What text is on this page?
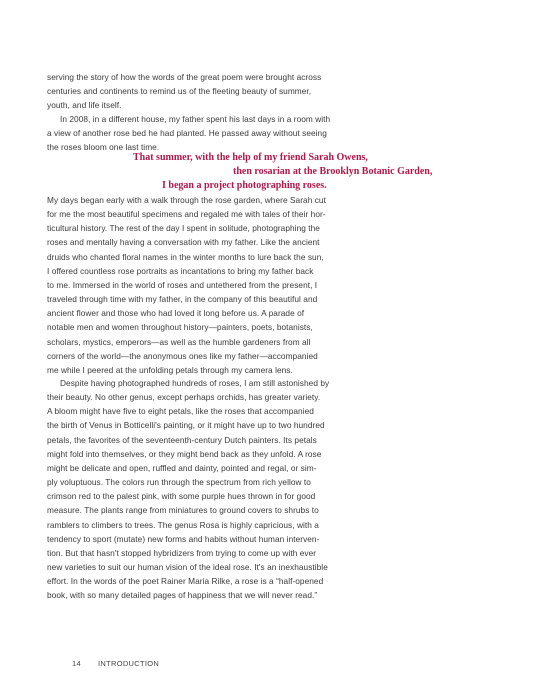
serving the story of how the words of the great poem were brought across
centuries and continents to remind us of the fleeting beauty of summer,
youth, and life itself.
In 2008, in a different house, my father spent his last days in a room with
a view of another rose bed he had planted. He passed away without seeing
the roses bloom one last time.
That summer, with the help of my friend Sarah Owens,
then rosarian at the Brooklyn Botanic Garden,
I began a project photographing roses.
My days began early with a walk through the rose garden, where Sarah cut
for me the most beautiful specimens and regaled me with tales of their hor-
ticultural history. The rest of the day I spent in solitude, photographing the
roses and mentally having a conversation with my father. Like the ancient
druids who chanted floral names in the winter months to lure back the sun,
I offered countless rose portraits as incantations to bring my father back
to me. Immersed in the world of roses and untethered from the present, I
traveled through time with my father, in the company of this beautiful and
ancient flower and those who had loved it long before us. A parade of
notable men and women throughout history—painters, poets, botanists,
scholars, mystics, emperors—as well as the humble gardeners from all
corners of the world—the anonymous ones like my father—accompanied
me while I peered at the unfolding petals through my camera lens.
Despite having photographed hundreds of roses, I am still astonished by
their beauty. No other genus, except perhaps orchids, has greater variety.
A bloom might have five to eight petals, like the roses that accompanied
the birth of Venus in Botticelli's painting, or it might have up to two hundred
petals, the favorites of the seventeenth-century Dutch painters. Its petals
might fold into themselves, or they might bend back as they unfold. A rose
might be delicate and open, ruffled and dainty, pointed and regal, or sim-
ply voluptuous. The colors run through the spectrum from rich yellow to
crimson red to the palest pink, with some purple hues thrown in for good
measure. The plants range from miniatures to ground covers to shrubs to
ramblers to climbers to trees. The genus Rosa is highly capricious, with a
tendency to sport (mutate) new forms and habits without human interven-
tion. But that hasn't stopped hybridizers from trying to come up with ever
new varieties to suit our human vision of the ideal rose. It's an inexhaustible
effort. In the words of the poet Rainer Maria Rilke, a rose is a “half-opened
book, with so many detailed pages of happiness that we will never read.”
14 INTRODUCTION
